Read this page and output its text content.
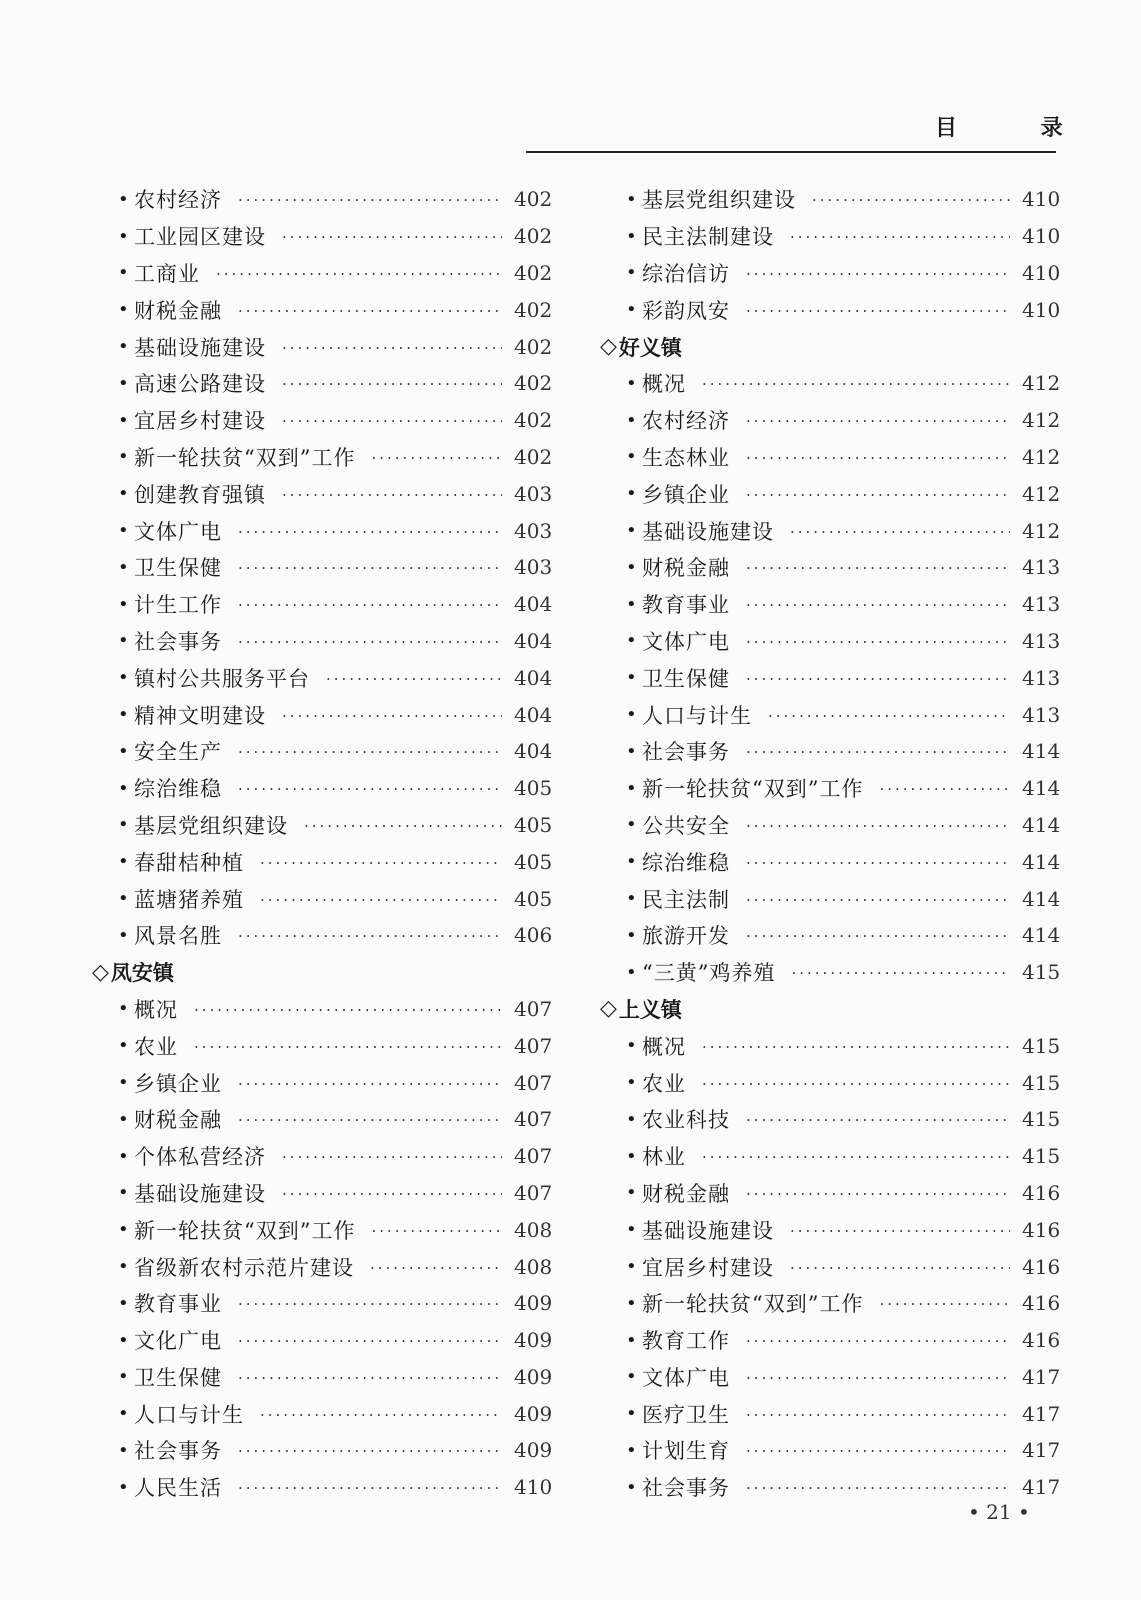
目 录
• 农村经济 ·····	402
• 工业园区建设 ·····	402
• 工商业 ·····	402
• 财税金融 ·····	402
• 基础设施建设 ·····	402
• 高速公路建设 ·····	402
• 宜居乡村建设 ·····	402
• 新一轮扶贫“双到”工作 ·····	402
• 创建教育强镇 ·····	403
• 文体广电 ·····	403
• 卫生保健 ·····	403
• 计生工作 ·····	404
• 社会事务 ·····	404
• 镇村公共服务平台 ·····	404
• 精神文明建设 ·····	404
• 安全生产 ·····	404
• 综治维稳 ·····	405
• 基层党组织建设 ·····	405
• 春甜桔种植 ·····	405
• 蓝塘猪养殖 ·····	405
• 风景名胜 ·····	406
◇ 凤安镇
• 概况 ·····	407
• 农业 ·····	407
• 乡镇企业 ·····	407
• 财税金融 ·····	407
• 个体私营经济 ·····	407
• 基础设施建设 ·····	407
• 新一轮扶贫“双到”工作 ·····	408
• 省级新农村示范片建设 ·····	408
• 教育事业 ·····	409
• 文化广电 ·····	409
• 卫生保健 ·····	409
• 人口与计生 ·····	409
• 社会事务 ·····	409
• 人民生活 ·····	410
• 基层党组织建设 ·····	410
• 民主法制建设 ·····	410
• 综治信访 ·····	410
• 彩韵凤安 ·····	410
◇ 好义镇
• 概况 ·····	412
• 农村经济 ·····	412
• 生态林业 ·····	412
• 乡镇企业 ·····	412
• 基础设施建设 ·····	412
• 财税金融 ·····	413
• 教育事业 ·····	413
• 文体广电 ·····	413
• 卫生保健 ·····	413
• 人口与计生 ·····	413
• 社会事务 ·····	414
• 新一轮扶贫“双到”工作 ·····	414
• 公共安全 ·····	414
• 综治维稳 ·····	414
• 民主法制 ·····	414
• 旅游开发 ·····	414
• “三黄”鸡养殖 ·····	415
◇ 上义镇
• 概况 ·····	415
• 农业 ·····	415
• 农业科技 ·····	415
• 林业 ·····	415
• 财税金融 ·····	416
• 基础设施建设 ·····	416
• 宜居乡村建设 ·····	416
• 新一轮扶贫“双到”工作 ·····	416
• 教育工作 ·····	416
• 文体广电 ·····	417
• 医疗卫生 ·····	417
• 计划生育 ·····	417
• 社会事务 ·····	417
• 21 •
